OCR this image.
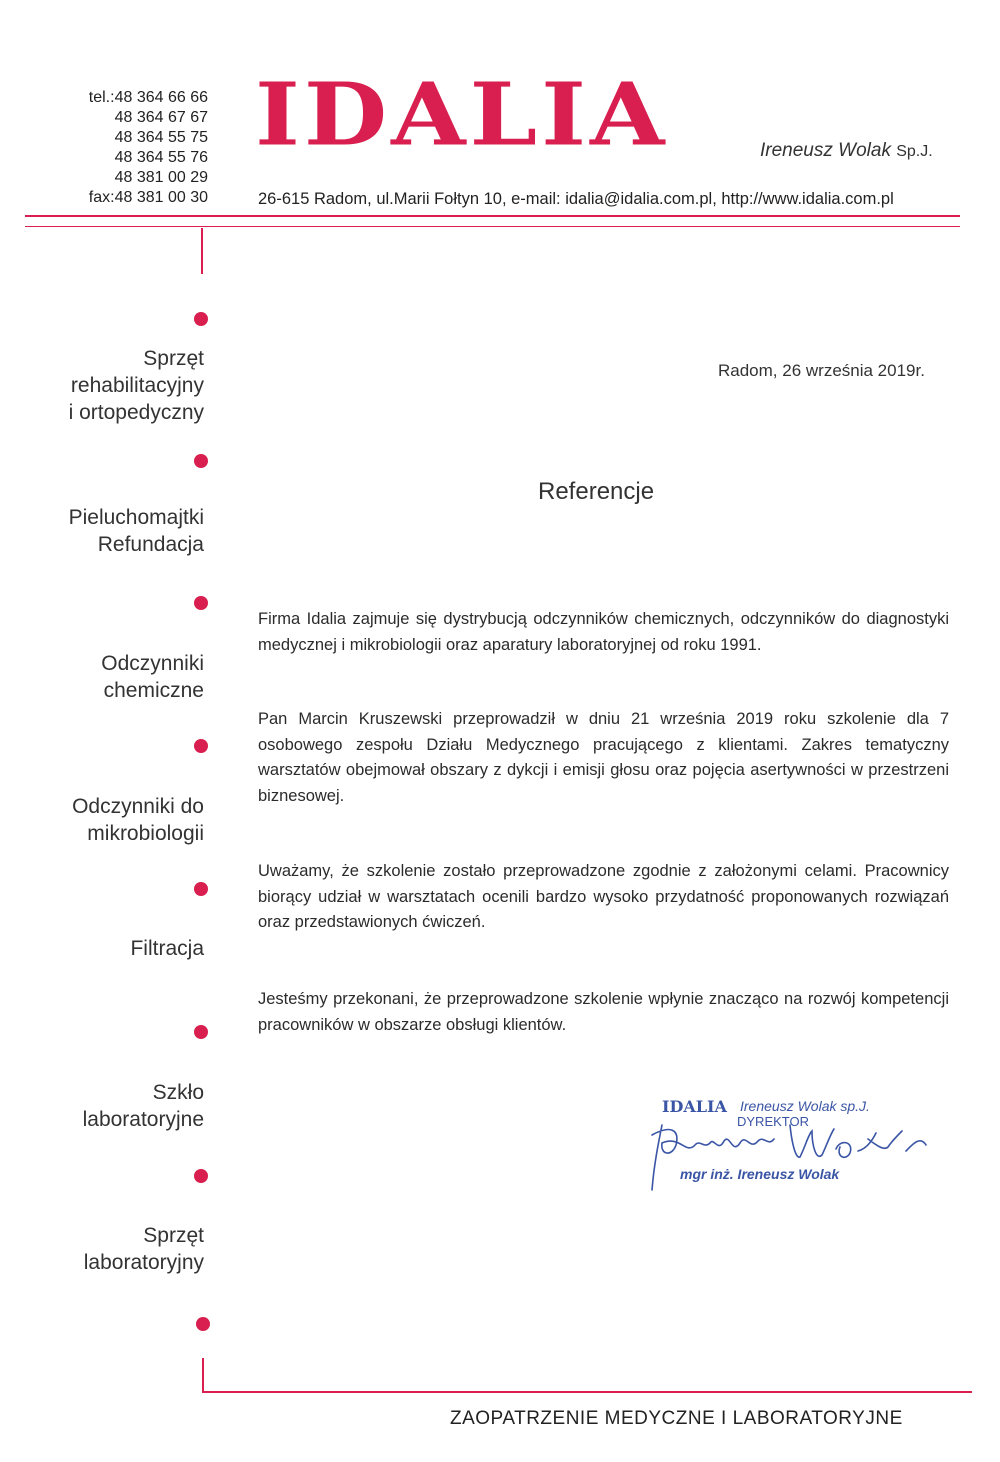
tel.:48 364 66 66
48 364 67 67
48 364 55 75
48 364 55 76
48 381 00 29
fax:48 381 00 30
IDALIA	Ireneusz Wolak Sp.J.
26-615 Radom, ul.Marii Fołtyn 10, e-mail: idalia@idalia.com.pl, http://www.idalia.com.pl
Sprzęt
rehabilitacyjny
i ortopedyczny
Pieluchomajtki
Refundacja
Odczynniki
chemiczne
Odczynniki do
mikrobiologii
Filtracja
Szkło
laboratoryjne
Sprzęt
laboratoryjny
Radom, 26 września 2019r.
Referencje
Firma Idalia zajmuje się dystrybucją odczynników chemicznych, odczynników do diagnostyki medycznej i mikrobiologii oraz aparatury laboratoryjnej od roku 1991.
Pan Marcin Kruszewski przeprowadził w dniu 21 września 2019 roku szkolenie dla 7 osobowego zespołu Działu Medycznego pracującego z klientami. Zakres tematyczny warsztatów obejmował obszary z dykcji i emisji głosu oraz pojęcia asertywności w przestrzeni biznesowej.
Uważamy, że szkolenie zostało przeprowadzone zgodnie z założonymi celami. Pracownicy biorący udział w warsztatach ocenili bardzo wysoko przydatność proponowanych rozwiązań oraz przedstawionych ćwiczeń.
Jesteśmy przekonani, że przeprowadzone szkolenie wpłynie znacząco na rozwój kompetencji pracowników w obszarze obsługi klientów.
IDALIA Ireneusz Wolak sp.J.
DYREKTOR
mgr inż. Ireneusz Wolak
ZAOPATRZENIE MEDYCZNE I LABORATORYJNE
